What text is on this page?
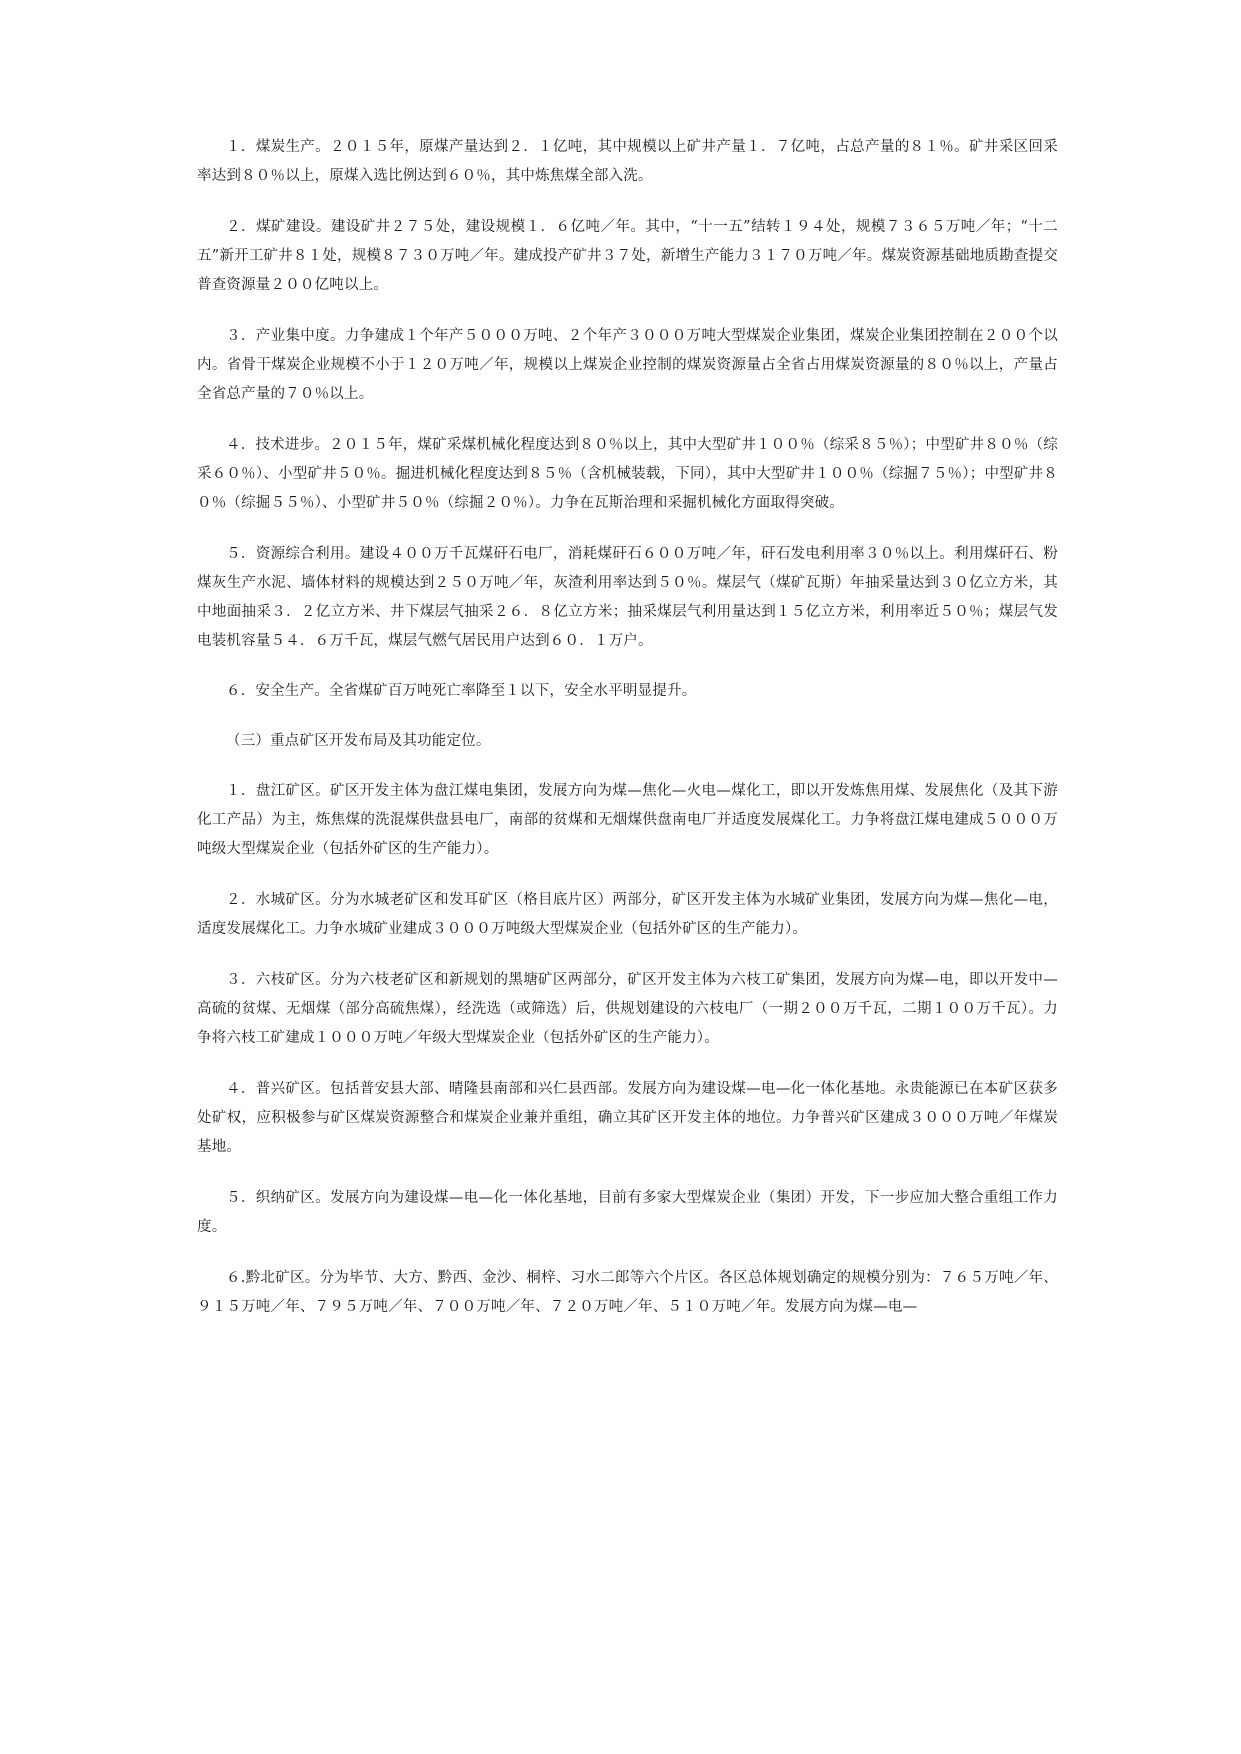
１．煤炭生产。２０１５年，原煤产量达到２．１亿吨，其中规模以上矿井产量１．７亿吨，占总产量的８１％。矿井采区回采率达到８０％以上，原煤入选比例达到６０％，其中炼焦煤全部入洗。

２．煤矿建设。建设矿井２７５处，建设规模１．６亿吨／年。其中，“十一五”结转１９４处，规模７３６５万吨／年；“十二五”新开工矿井８１处，规模８７３０万吨／年。建成投产矿井３７处，新增生产能力３１７０万吨／年。煤炭资源基础地质勘查提交普查资源量２００亿吨以上。

３．产业集中度。力争建成１个年产５０００万吨、２个年产３０００万吨大型煤炭企业集团，煤炭企业集团控制在２００个以内。省骨干煤炭企业规模不小于１２０万吨／年，规模以上煤炭企业控制的煤炭资源量占全省占用煤炭资源量的８０％以上，产量占全省总产量的７０％以上。

４．技术进步。２０１５年，煤矿采煤机械化程度达到８０％以上，其中大型矿井１００％（综采８５％）；中型矿井８０％（综采６０％）、小型矿井５０％。掘进机械化程度达到８５％（含机械装载，下同），其中大型矿井１００％（综掘７５％）；中型矿井８０％（综掘５５％）、小型矿井５０％（综掘２０％）。力争在瓦斯治理和采掘机械化方面取得突破。

５．资源综合利用。建设４００万千瓦煤矸石电厂，消耗煤矸石６００万吨／年，矸石发电利用率３０％以上。利用煤矸石、粉煤灰生产水泥、墙体材料的规模达到２５０万吨／年，灰渣利用率达到５０％。煤层气（煤矿瓦斯）年抽采量达到３０亿立方米，其中地面抽采３．２亿立方米、井下煤层气抽采２６．８亿立方米；抽采煤层气利用量达到１５亿立方米，利用率近５０％；煤层气发电装机容量５４．６万千瓦，煤层气燃气居民用户达到６０．１万户。

６．安全生产。全省煤矿百万吨死亡率降至１以下，安全水平明显提升。

（三）重点矿区开发布局及其功能定位。

１．盘江矿区。矿区开发主体为盘江煤电集团，发展方向为煤—焦化—火电—煤化工，即以开发炼焦用煤、发展焦化（及其下游化工产品）为主，炼焦煤的洗混煤供盘县电厂，南部的贫煤和无烟煤供盘南电厂并适度发展煤化工。力争将盘江煤电建成５０００万吨级大型煤炭企业（包括外矿区的生产能力）。

２．水城矿区。分为水城老矿区和发耳矿区（格目底片区）两部分，矿区开发主体为水城矿业集团，发展方向为煤—焦化—电，适度发展煤化工。力争水城矿业建成３０００万吨级大型煤炭企业（包括外矿区的生产能力）。

３．六枝矿区。分为六枝老矿区和新规划的黑塘矿区两部分，矿区开发主体为六枝工矿集团，发展方向为煤—电，即以开发中—高硫的贫煤、无烟煤（部分高硫焦煤），经洗选（或筛选）后，供规划建设的六枝电厂（一期２００万千瓦，二期１００万千瓦）。力争将六枝工矿建成１０００万吨／年级大型煤炭企业（包括外矿区的生产能力）。

４．普兴矿区。包括普安县大部、晴隆县南部和兴仁县西部。发展方向为建设煤—电—化一体化基地。永贵能源已在本矿区获多处矿权，应积极参与矿区煤炭资源整合和煤炭企业兼并重组，确立其矿区开发主体的地位。力争普兴矿区建成３０００万吨／年煤炭基地。

５．织纳矿区。发展方向为建设煤—电—化一体化基地，目前有多家大型煤炭企业（集团）开发，下一步应加大整合重组工作力度。

６.黔北矿区。分为毕节、大方、黔西、金沙、桐梓、习水二郎等六个片区。各区总体规划确定的规模分别为：７６５万吨／年、９１５万吨／年、７９５万吨／年、７００万吨／年、７２０万吨／年、５１０万吨／年。发展方向为煤—电—
